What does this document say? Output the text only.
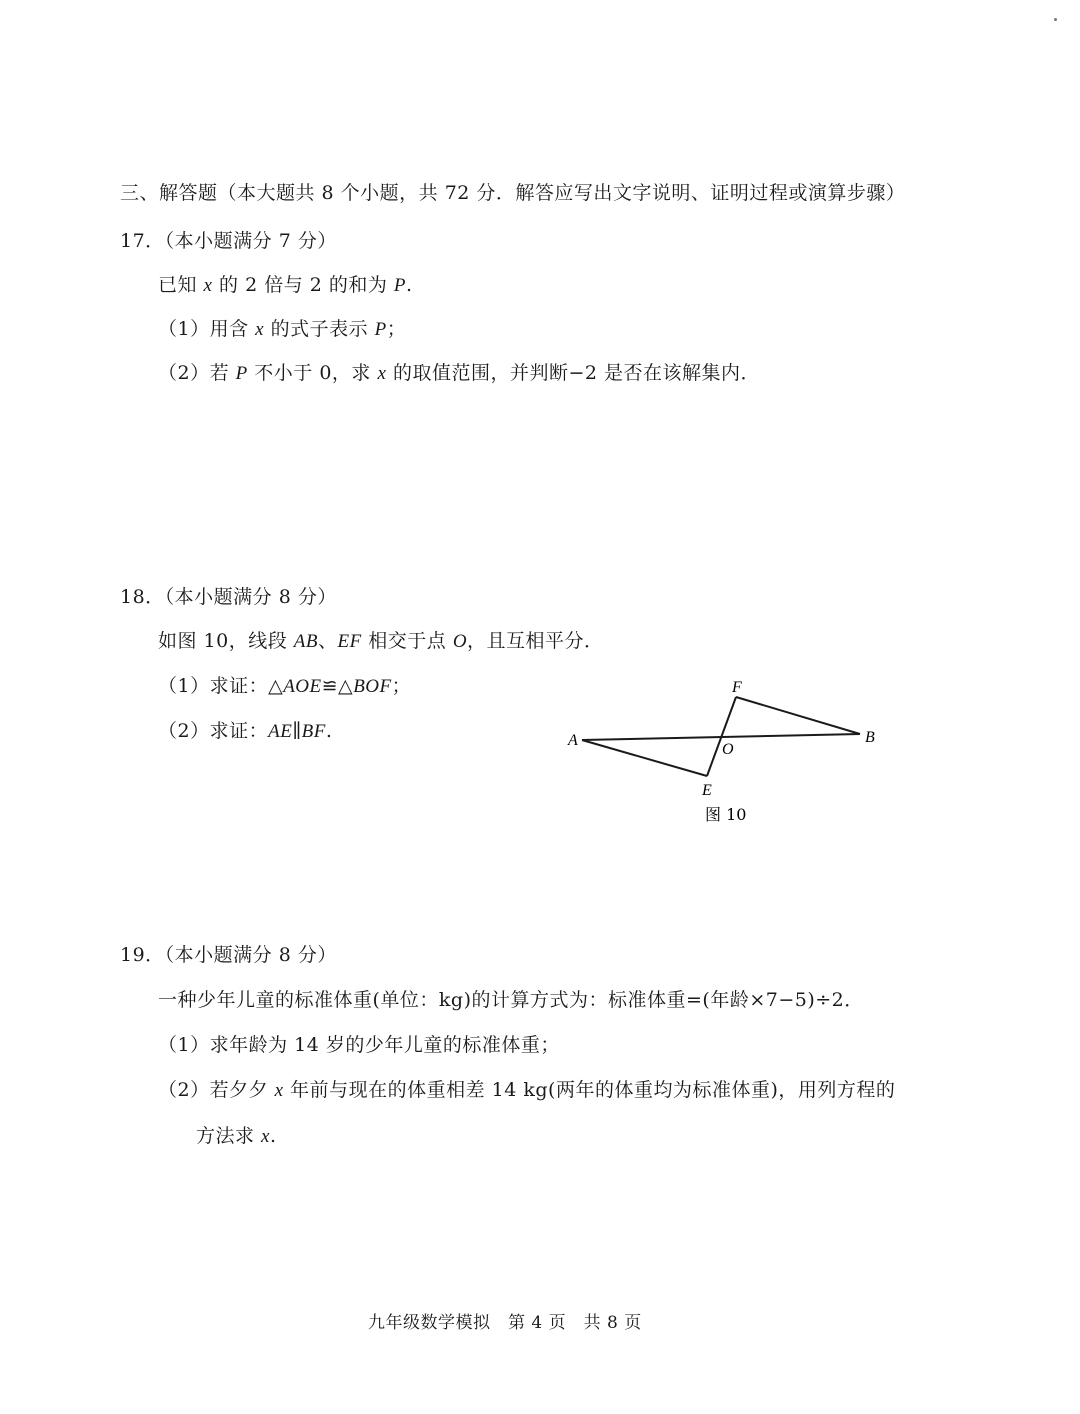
三、解答题（本大题共 8 个小题，共 72 分．解答应写出文字说明、证明过程或演算步骤）
17．（本小题满分 7 分）
已知 x 的 2 倍与 2 的和为 P.
（1）用含 x 的式子表示 P；
（2）若 P 不小于 0，求 x 的取值范围，并判断−2 是否在该解集内．
18．（本小题满分 8 分）
如图 10，线段 AB、EF 相交于点 O，且互相平分．
（1）求证：△AOE≌△BOF；
（2）求证：AE∥BF.	A	B
F
E
O
图 10
19．（本小题满分 8 分）
一种少年儿童的标准体重(单位：kg)的计算方式为：标准体重=(年龄×7−5)÷2．
（1）求年龄为 14 岁的少年儿童的标准体重；
（2）若夕夕 x 年前与现在的体重相差 14 kg(两年的体重均为标准体重)，用列方程的
方法求 x.
九年级数学模拟　第 4 页　共 8 页
